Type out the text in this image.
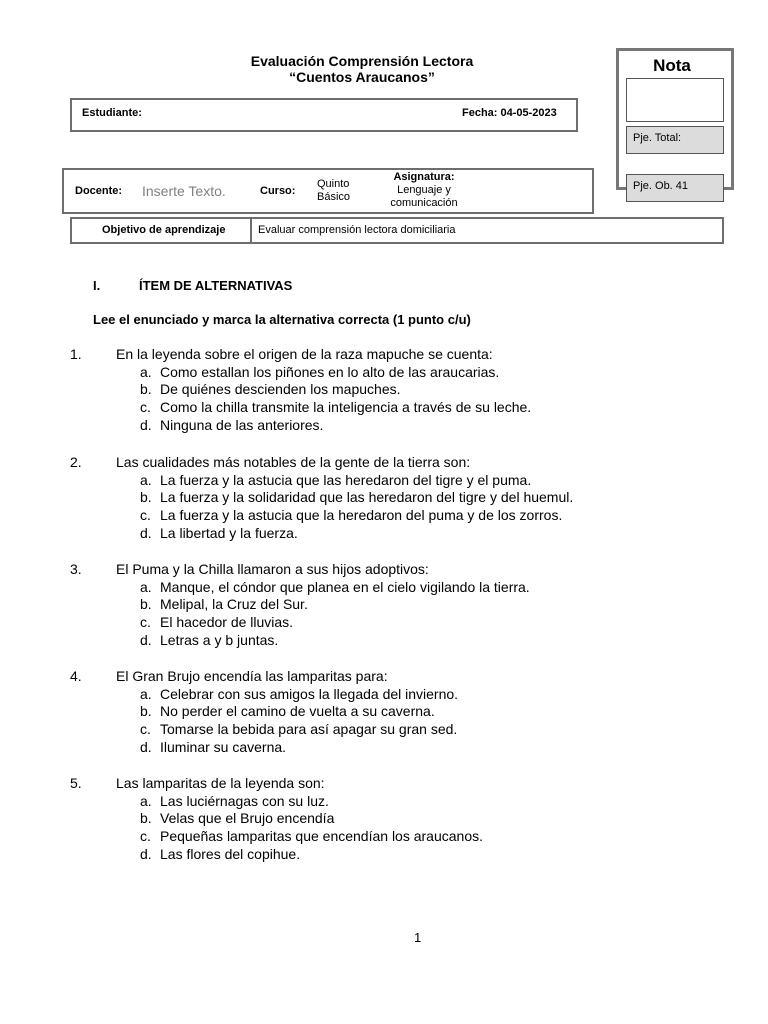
Evaluación Comprensión Lectora
“Cuentos Araucanos”
Estudiante:	Fecha: 04-05-2023
Nota
Pje. Total:
Pje. Ob. 41
Docente: Inserte Texto.	Curso:
Quinto
Básico
Asignatura:
Lenguaje y
comunicación
Objetivo de aprendizaje	Evaluar comprensión lectora domiciliaria
I.	ÍTEM DE ALTERNATIVAS
Lee el enunciado y marca la alternativa correcta (1 punto c/u)
1. En la leyenda sobre el origen de la raza mapuche se cuenta:
a. Como estallan los piñones en lo alto de las araucarias.
b. De quiénes descienden los mapuches.
c. Como la chilla transmite la inteligencia a través de su leche.
d. Ninguna de las anteriores.
2. Las cualidades más notables de la gente de la tierra son:
a. La fuerza y la astucia que las heredaron del tigre y el puma.
b. La fuerza y la solidaridad que las heredaron del tigre y del huemul.
c. La fuerza y la astucia que la heredaron del puma y de los zorros.
d. La libertad y la fuerza.
3. El Puma y la Chilla llamaron a sus hijos adoptivos:
a. Manque, el cóndor que planea en el cielo vigilando la tierra.
b. Melipal, la Cruz del Sur.
c. El hacedor de lluvias.
d. Letras a y b juntas.
4. El Gran Brujo encendía las lamparitas para:
a. Celebrar con sus amigos la llegada del invierno.
b. No perder el camino de vuelta a su caverna.
c. Tomarse la bebida para así apagar su gran sed.
d. Iluminar su caverna.
5. Las lamparitas de la leyenda son:
a. Las luciérnagas con su luz.
b. Velas que el Brujo encendía
c. Pequeñas lamparitas que encendían los araucanos.
d. Las flores del copihue.
1
